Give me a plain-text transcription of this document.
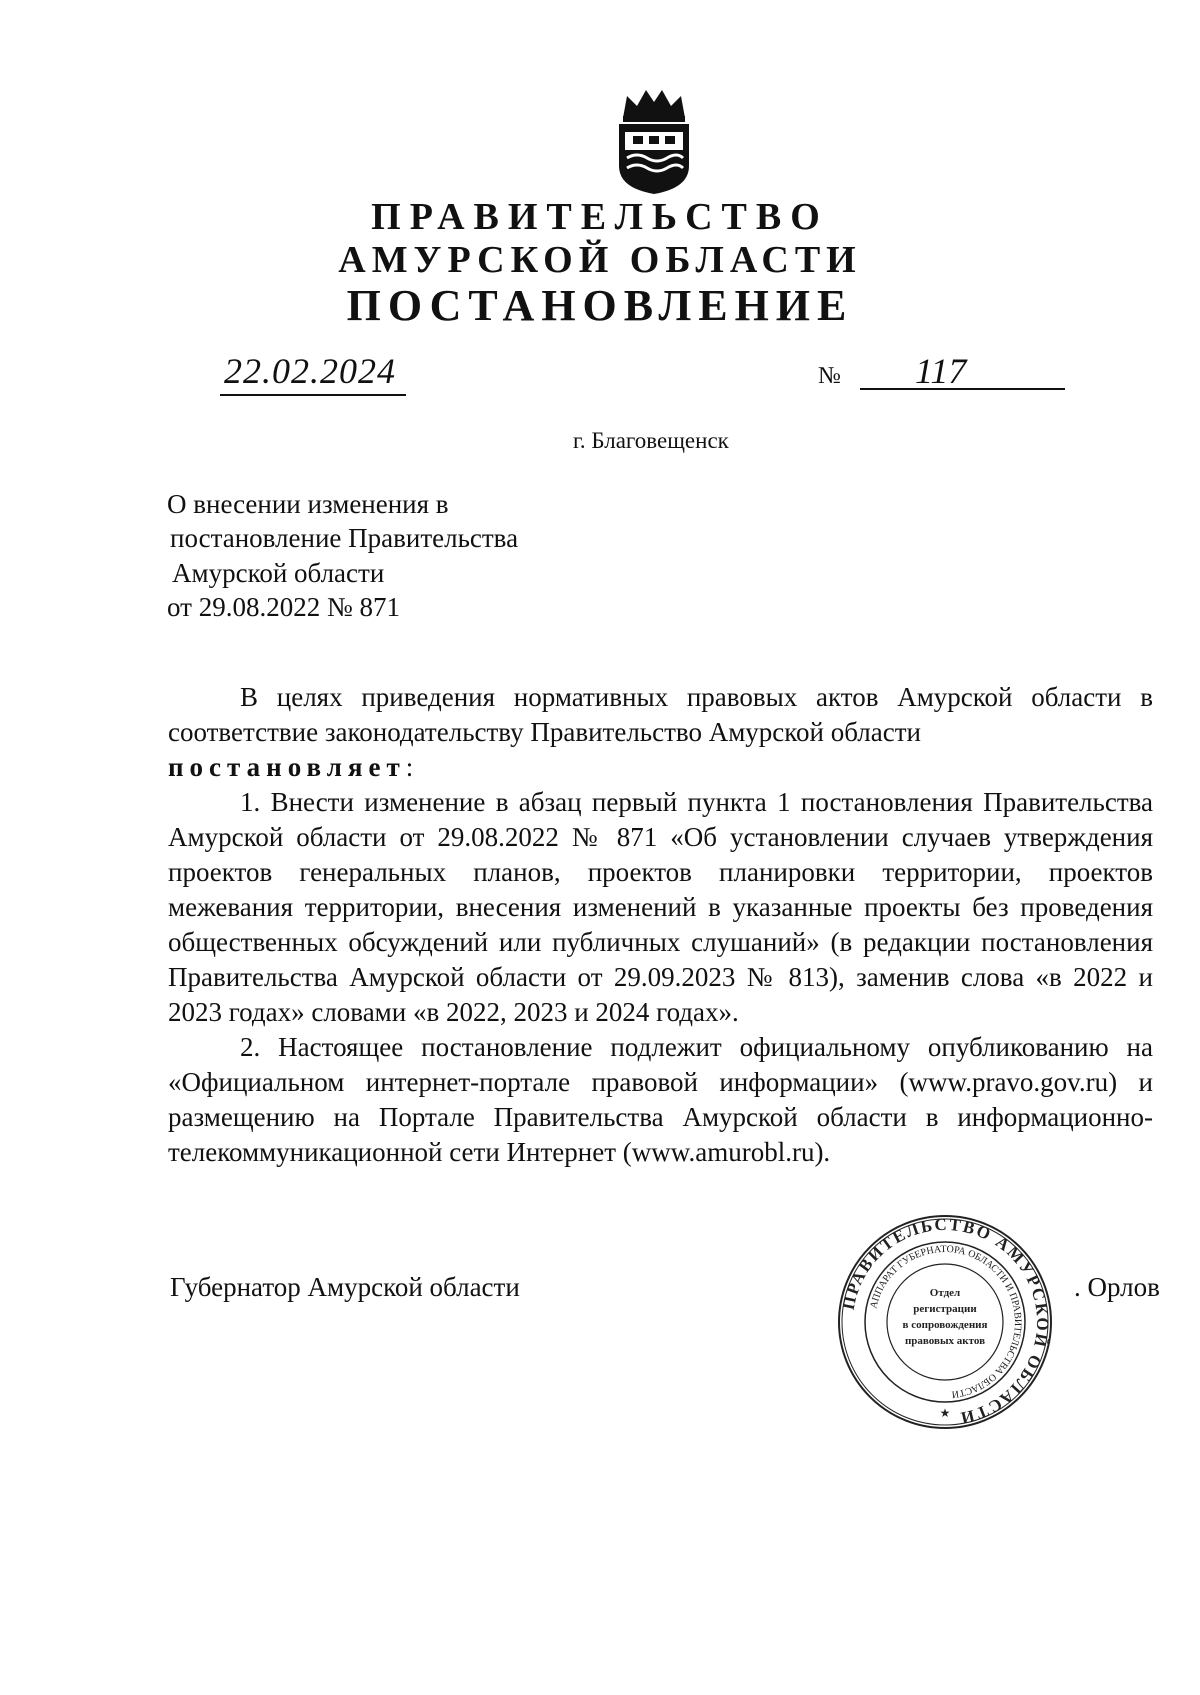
ПРАВИТЕЛЬСТВО
АМУРСКОЙ ОБЛАСТИ
ПОСТАНОВЛЕНИЕ
22.02.2024	№ 117
г. Благовещенск
О внесении изменения в
постановление Правительства
Амурской области
от 29.08.2022 № 871

В целях приведения нормативных правовых актов Амурской области в соответствие законодательству Правительство Амурской области

постановляет:

1. Внести изменение в абзац первый пункта 1 постановления Правительства Амурской области от 29.08.2022 № 871 «Об установлении случаев утверждения проектов генеральных планов, проектов планировки территории, проектов межевания территории, внесения изменений в указанные проекты без проведения общественных обсуждений или публичных слушаний» (в редакции постановления Правительства Амурской области от 29.09.2023 № 813), заменив слова «в 2022 и 2023 годах» словами «в 2022, 2023 и 2024 годах».

2. Настоящее постановление подлежит официальному опубликованию на «Официальном интернет-портале правовой информации» (www.pravo.gov.ru) и размещению на Портале Правительства Амурской области в информационно-телекоммуникационной сети Интернет (www.amurobl.ru).

Губернатор Амурской области	. Орлов
ПРАВИТЕЛЬСТВО АМУРСКОЙ ОБЛАСТИ
АППАРАТ ГУБЕРНАТОРА ОБЛАСТИ И ПРАВИТЕЛЬСТВА ОБЛАСТИ
Отдел
регистрации
в сопровождения
правовых актов
★
